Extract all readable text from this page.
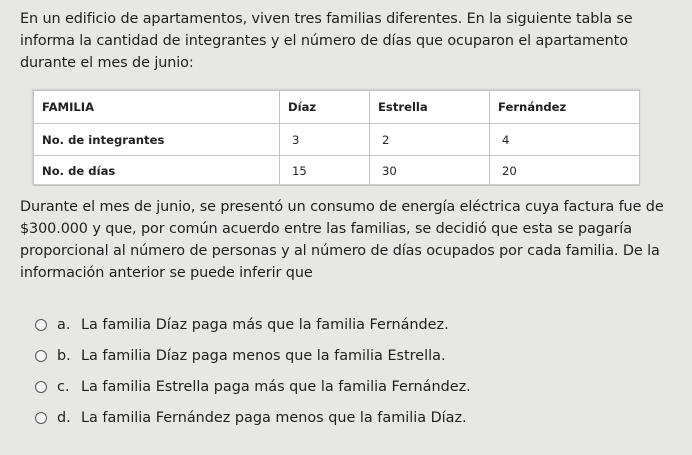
En un edificio de apartamentos, viven tres familias diferentes. En la siguiente tabla se informa la cantidad de integrantes y el número de días que ocuparon el apartamento durante el mes de junio:
FAMILIA	Díaz	Estrella	Fernández
No. de integrantes	3	2	4
No. de días	15	30	20
Durante el mes de junio, se presentó un consumo de energía eléctrica cuya factura fue de $300.000 y que, por común acuerdo entre las familias, se decidió que esta se pagaría proporcional al número de personas y al número de días ocupados por cada familia. De la información anterior se puede inferir que
a. La familia Díaz paga más que la familia Fernández.
b. La familia Díaz paga menos que la familia Estrella.
c. La familia Estrella paga más que la familia Fernández.
d. La familia Fernández paga menos que la familia Díaz.
